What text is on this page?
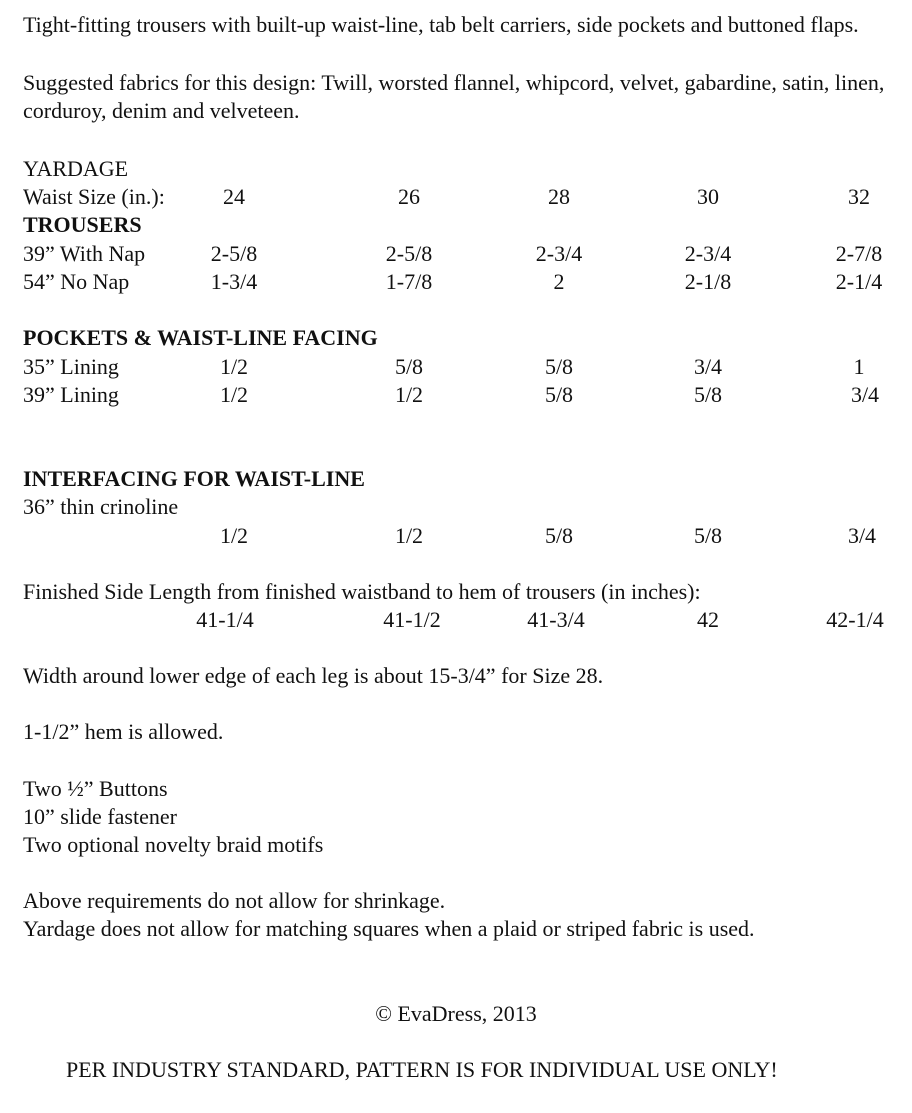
Tight-fitting trousers with built-up waist-line, tab belt carriers, side pockets and buttoned flaps.
Suggested fabrics for this design: Twill, worsted flannel, whipcord, velvet, gabardine, satin, linen, corduroy, denim and velveteen.
YARDAGE
Waist Size (in.):	24	26	28	30	32
TROUSERS
39” With Nap	2-5/8	2-5/8	2-3/4	2-3/4	2-7/8
54” No Nap	1-3/4	1-7/8	2	2-1/8	2-1/4
POCKETS & WAIST-LINE FACING
35” Lining	1/2	5/8	5/8	3/4	1
39” Lining	1/2	1/2	5/8	5/8	3/4
INTERFACING FOR WAIST-LINE
36” thin crinoline
1/2	1/2	5/8	5/8	3/4
Finished Side Length from finished waistband to hem of trousers (in inches):
41-1/4	41-1/2	41-3/4	42	42-1/4
Width around lower edge of each leg is about 15-3/4” for Size 28.
1-1/2” hem is allowed.
Two ½” Buttons
10” slide fastener
Two optional novelty braid motifs
Above requirements do not allow for shrinkage.
Yardage does not allow for matching squares when a plaid or striped fabric is used.
© EvaDress, 2013
PER INDUSTRY STANDARD, PATTERN IS FOR INDIVIDUAL USE ONLY!
